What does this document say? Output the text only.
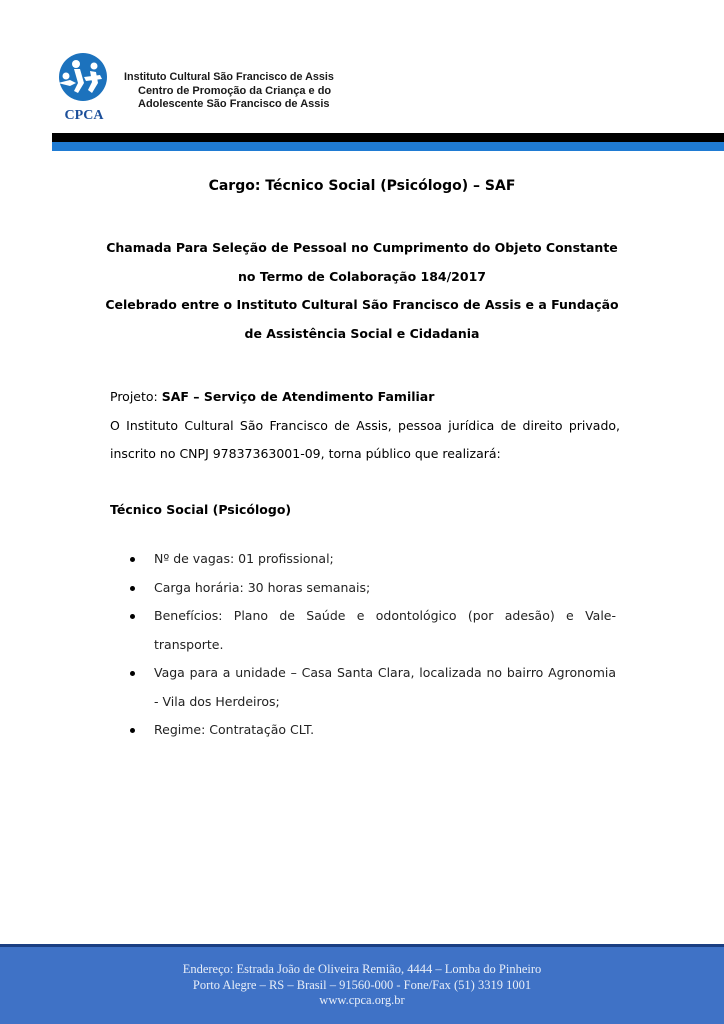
CPCA
Instituto Cultural São Francisco de Assis
Centro de Promoção da Criança e do
Adolescente São Francisco de Assis
Cargo: Técnico Social (Psicólogo) – SAF
Chamada Para Seleção de Pessoal no Cumprimento do Objeto Constante
no Termo de Colaboração 184/2017
Celebrado entre o Instituto Cultural São Francisco de Assis e a Fundação
de Assistência Social e Cidadania
Projeto: SAF – Serviço de Atendimento Familiar
O Instituto Cultural São Francisco de Assis, pessoa jurídica de direito privado,
inscrito no CNPJ 97837363001-09, torna público que realizará:
Técnico Social (Psicólogo)
Nº de vagas: 01 profissional;
Carga horária: 30 horas semanais;
Benefícios: Plano de Saúde e odontológico (por adesão) e Vale-
transporte.
Vaga para a unidade – Casa Santa Clara, localizada no bairro Agronomia
- Vila dos Herdeiros;
Regime: Contratação CLT.
Endereço: Estrada João de Oliveira Remião, 4444 – Lomba do Pinheiro
Porto Alegre – RS – Brasil – 91560-000 - Fone/Fax (51) 3319 1001
www.cpca.org.br
